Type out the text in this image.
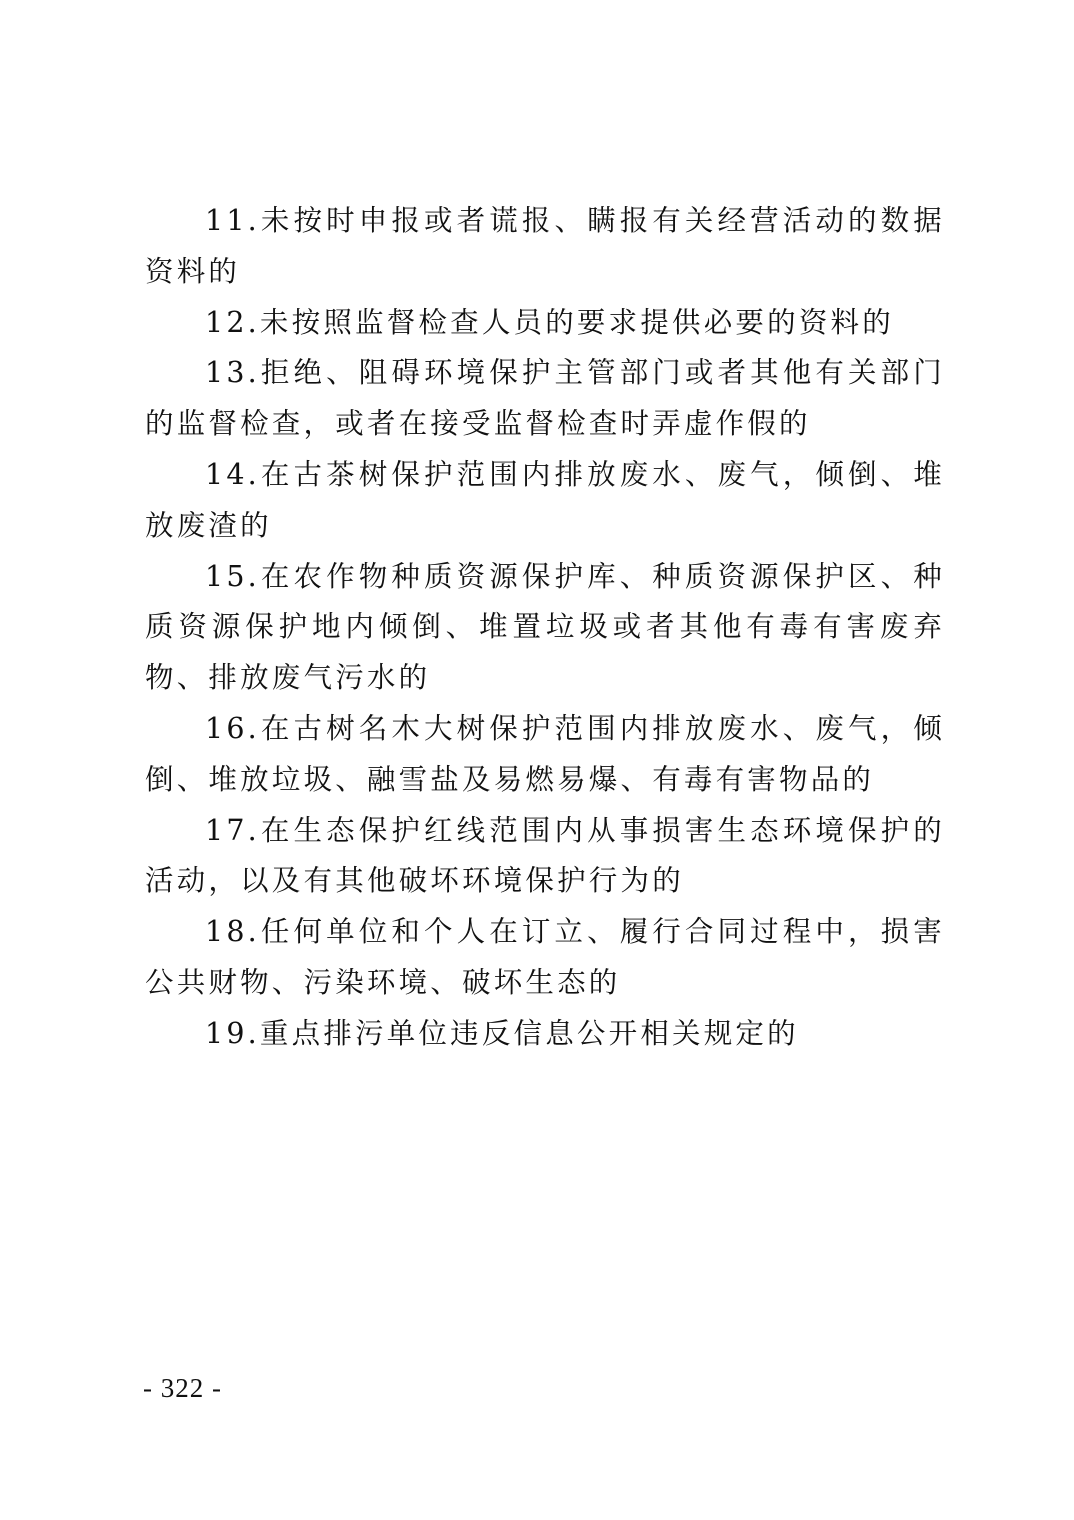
11.未按时申报或者谎报、瞒报有关经营活动的数据资料的

12.未按照监督检查人员的要求提供必要的资料的

13.拒绝、阻碍环境保护主管部门或者其他有关部门的监督检查，或者在接受监督检查时弄虚作假的

14.在古茶树保护范围内排放废水、废气，倾倒、堆放废渣的

15.在农作物种质资源保护库、种质资源保护区、种质资源保护地内倾倒、堆置垃圾或者其他有毒有害废弃物、排放废气污水的

16.在古树名木大树保护范围内排放废水、废气，倾倒、堆放垃圾、融雪盐及易燃易爆、有毒有害物品的

17.在生态保护红线范围内从事损害生态环境保护的活动，以及有其他破坏环境保护行为的

18.任何单位和个人在订立、履行合同过程中，损害公共财物、污染环境、破坏生态的

19.重点排污单位违反信息公开相关规定的

- 322 -
